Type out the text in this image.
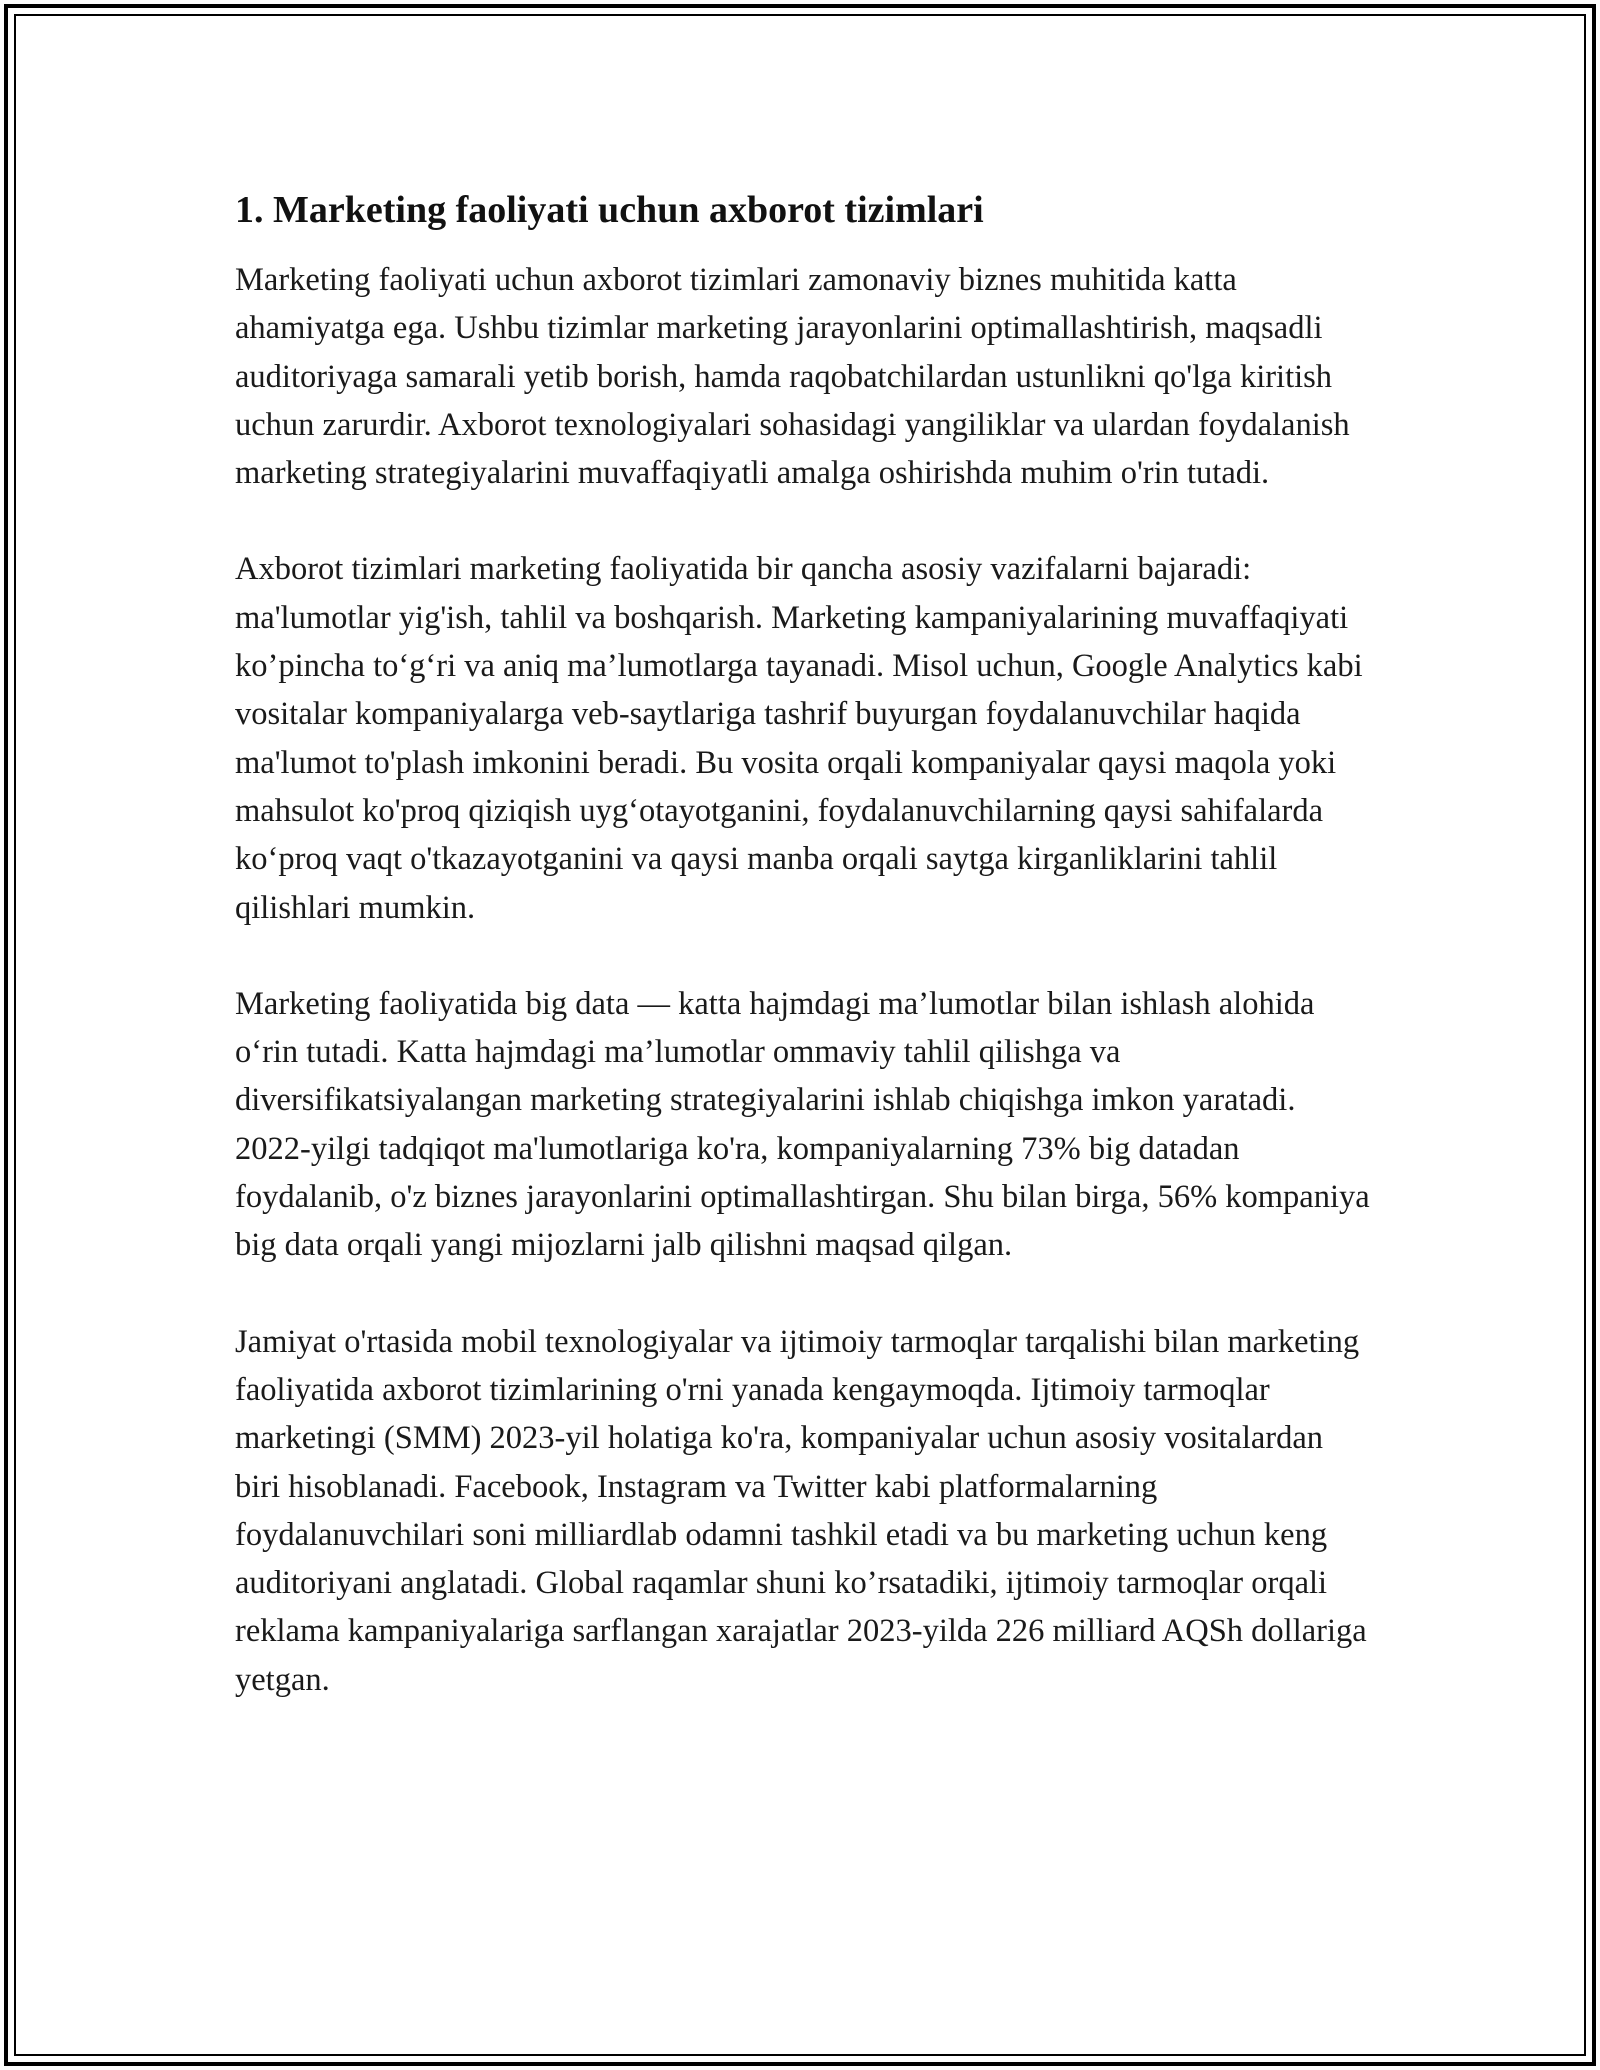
1. Marketing faoliyati uchun axborot tizimlari

Marketing faoliyati uchun axborot tizimlari zamonaviy biznes muhitida katta ahamiyatga ega. Ushbu tizimlar marketing jarayonlarini optimallashtirish, maqsadli auditoriyaga samarali yetib borish, hamda raqobatchilardan ustunlikni qo'lga kiritish uchun zarurdir. Axborot texnologiyalari sohasidagi yangiliklar va ulardan foydalanish marketing strategiyalarini muvaffaqiyatli amalga oshirishda muhim o'rin tutadi.

Axborot tizimlari marketing faoliyatida bir qancha asosiy vazifalarni bajaradi: ma'lumotlar yig'ish, tahlil va boshqarish. Marketing kampaniyalarining muvaffaqiyati ko’pincha to‘g‘ri va aniq ma’lumotlarga tayanadi. Misol uchun, Google Analytics kabi vositalar kompaniyalarga veb-saytlariga tashrif buyurgan foydalanuvchilar haqida ma'lumot to'plash imkonini beradi. Bu vosita orqali kompaniyalar qaysi maqola yoki mahsulot ko'proq qiziqish uyg‘otayotganini, foydalanuvchilarning qaysi sahifalarda ko‘proq vaqt o'tkazayotganini va qaysi manba orqali saytga kirganliklarini tahlil qilishlari mumkin.

Marketing faoliyatida big data — katta hajmdagi ma’lumotlar bilan ishlash alohida o‘rin tutadi. Katta hajmdagi ma’lumotlar ommaviy tahlil qilishga va diversifikatsiyalangan marketing strategiyalarini ishlab chiqishga imkon yaratadi. 2022-yilgi tadqiqot ma'lumotlariga ko'ra, kompaniyalarning 73% big datadan foydalanib, o'z biznes jarayonlarini optimallashtirgan. Shu bilan birga, 56% kompaniya big data orqali yangi mijozlarni jalb qilishni maqsad qilgan.

Jamiyat o'rtasida mobil texnologiyalar va ijtimoiy tarmoqlar tarqalishi bilan marketing faoliyatida axborot tizimlarining o'rni yanada kengaymoqda. Ijtimoiy tarmoqlar marketingi (SMM) 2023-yil holatiga ko'ra, kompaniyalar uchun asosiy vositalardan biri hisoblanadi. Facebook, Instagram va Twitter kabi platformalarning foydalanuvchilari soni milliardlab odamni tashkil etadi va bu marketing uchun keng auditoriyani anglatadi. Global raqamlar shuni ko’rsatadiki, ijtimoiy tarmoqlar orqali reklama kampaniyalariga sarflangan xarajatlar 2023-yilda 226 milliard AQSh dollariga yetgan.
